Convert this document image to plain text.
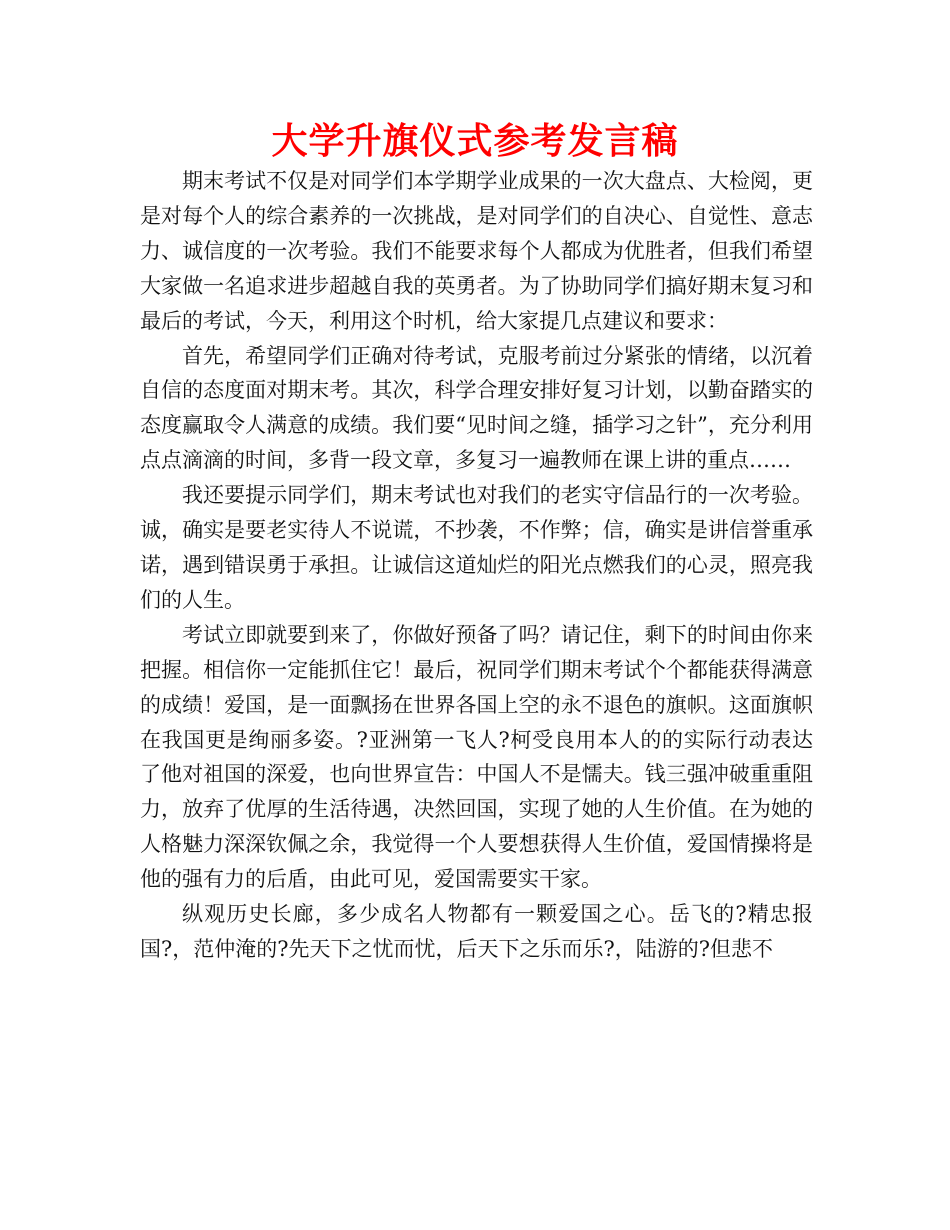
大学升旗仪式参考发言稿

期末考试不仅是对同学们本学期学业成果的一次大盘点、大检阅，更是对每个人的综合素养的一次挑战，是对同学们的自决心、自觉性、意志力、诚信度的一次考验。我们不能要求每个人都成为优胜者，但我们希望大家做一名追求进步超越自我的英勇者。为了协助同学们搞好期末复习和最后的考试，今天，利用这个时机，给大家提几点建议和要求：

首先，希望同学们正确对待考试，克服考前过分紧张的情绪，以沉着自信的态度面对期末考。其次，科学合理安排好复习计划，以勤奋踏实的态度赢取令人满意的成绩。我们要“见时间之缝，插学习之针”，充分利用点点滴滴的时间，多背一段文章，多复习一遍教师在课上讲的重点……

我还要提示同学们，期末考试也对我们的老实守信品行的一次考验。诚，确实是要老实待人不说谎，不抄袭，不作弊；信，确实是讲信誉重承诺，遇到错误勇于承担。让诚信这道灿烂的阳光点燃我们的心灵，照亮我们的人生。

考试立即就要到来了，你做好预备了吗？请记住，剩下的时间由你来把握。相信你一定能抓住它！最后，祝同学们期末考试个个都能获得满意的成绩！爱国，是一面飘扬在世界各国上空的永不退色的旗帜。这面旗帜在我国更是绚丽多姿。?亚洲第一飞人?柯受良用本人的的实际行动表达了他对祖国的深爱，也向世界宣告：中国人不是懦夫。钱三强冲破重重阻力，放弃了优厚的生活待遇，决然回国，实现了她的人生价值。在为她的人格魅力深深钦佩之余，我觉得一个人要想获得人生价值，爱国情操将是他的强有力的后盾，由此可见，爱国需要实干家。

纵观历史长廊，多少成名人物都有一颗爱国之心。岳飞的?精忠报国?，范仲淹的?先天下之忧而忧，后天下之乐而乐?，陆游的?但悲不
